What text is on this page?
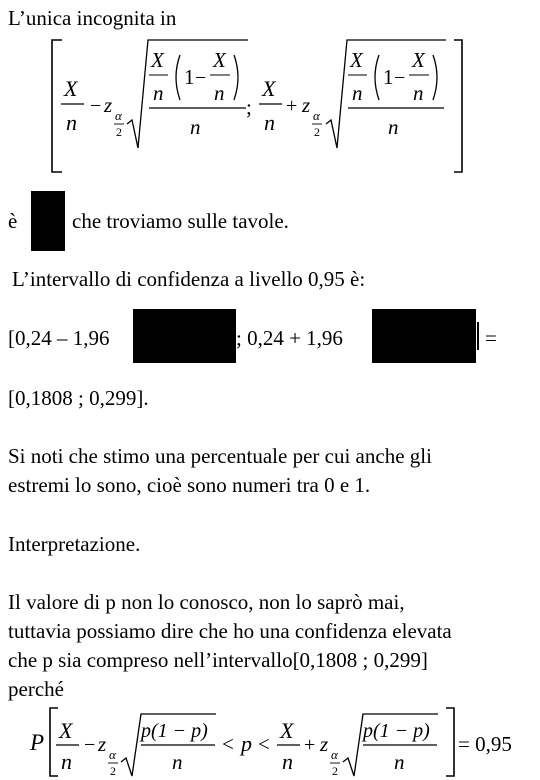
L’unica incognita in
X
n
− z α
2
X
n
1 −
X
n
n
;
X
n
+ z α
2
X
n
1 −
X
n
n
è	che troviamo sulle tavole.
L’intervallo di confidenza a livello 0,95 è:
[0,24 – 1,96	; 0,24 + 1,96	=
[0,1808 ; 0,299].
Si noti che stimo una percentuale per cui anche gli
estremi lo sono, cioè sono numeri tra 0 e 1.
Interpretazione.
Il valore di p non lo conosco, non lo saprò mai,
tuttavia possiamo dire che ho una confidenza elevata
che p sia compreso nell’intervallo[0,1808 ; 0,299]
perché
P X
n
− z α
2
p(1 − p)
n
< p <
X
n
+ z α
2
p(1 − p)
n
= 0,95
